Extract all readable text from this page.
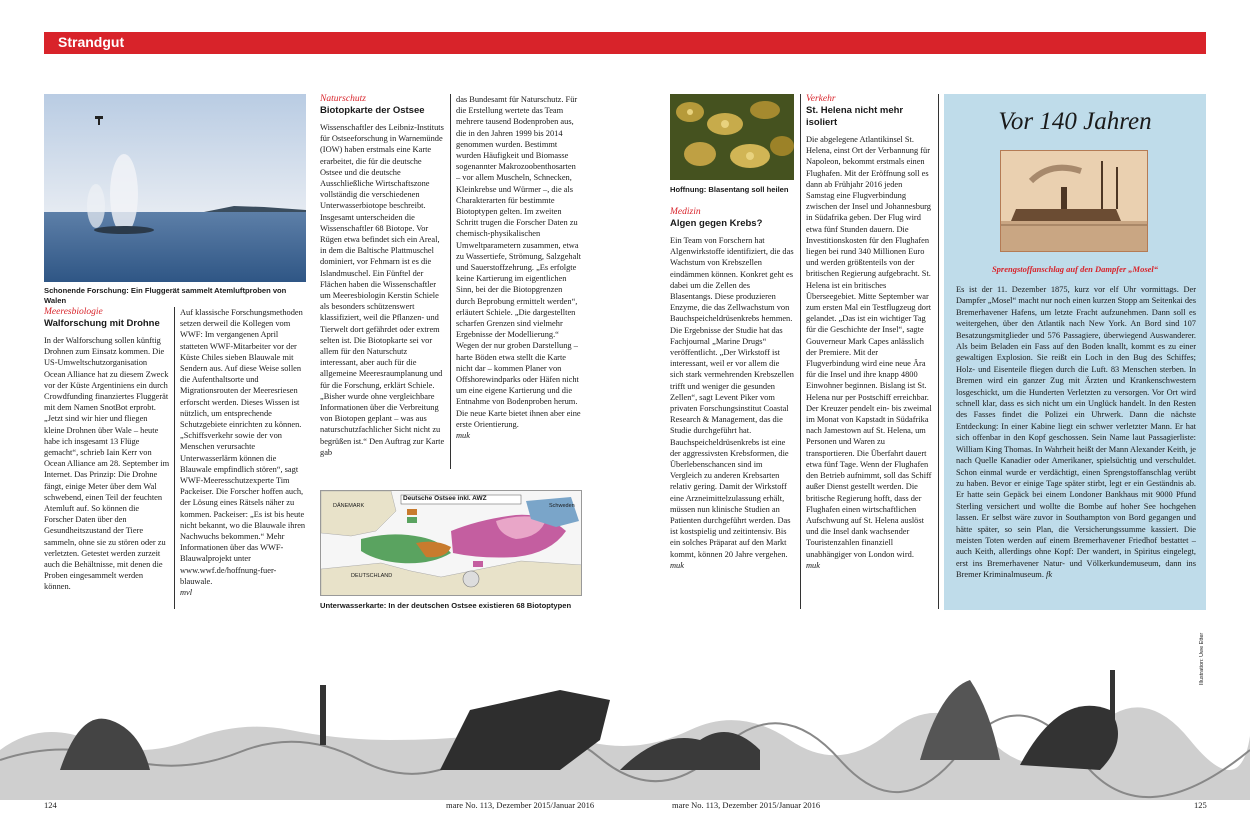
Strandgut
Schonende Forschung: Ein Fluggerät sammelt Atemluftproben von Walen
Meeresbiologie
Walforschung mit Drohne

In der Walforschung sollen künftig Drohnen zum Einsatz kommen. Die US-Umweltschutzorganisation Ocean Alliance hat zu diesem Zweck vor der Küste Argentiniens ein durch Crowdfunding finanziertes Fluggerät mit dem Namen SnotBot erprobt. „Jetzt sind wir hier und fliegen kleine Drohnen über Wale – heute habe ich insgesamt 13 Flüge gemacht“, schrieb Iain Kerr von Ocean Alliance am 28. September im Internet. Das Prinzip: Die Drohne fängt, einige Meter über dem Wal schwebend, einen Teil der feuchten Atemluft auf. So können die Forscher Daten über den Gesundheitszustand der Tiere sammeln, ohne sie zu stören oder zu verletzten. Getestet werden zurzeit auch die Behältnisse, mit denen die Proben eingesammelt werden können.

Auf klassische Forschungsmethoden setzen derweil die Kollegen vom WWF: Im vergangenen April statteten WWF-Mitarbeiter vor der Küste Chiles sieben Blauwale mit Sendern aus. Auf diese Weise sollen die Aufenthaltsorte und Migrationsrouten der Meeresriesen erforscht werden. Dieses Wissen ist nützlich, um entsprechende Schutzgebiete einrichten zu können. „Schiffsverkehr sowie der von Menschen verursachte Unterwasserlärm können die Blauwale empfindlich stören“, sagt WWF-Meeresschutzexperte Tim Packeiser. Die Forscher hoffen auch, der Lösung eines Rätsels näher zu kommen. Packeiser: „Es ist bis heute nicht bekannt, wo die Blauwale ihren Nachwuchs bekommen.“ Mehr Informationen über das WWF-Blauwalprojekt unter www.wwf.de/hoffnung-fuer-blauwale.

mvl

Naturschutz
Biotopkarte der Ostsee

Wissenschaftler des Leibniz-Instituts für Ostseeforschung in Warnemünde (IOW) haben erstmals eine Karte erarbeitet, die für die deutsche Ostsee und die deutsche Ausschließliche Wirtschaftszone vollständig die verschiedenen Unterwasserbiotope beschreibt. Insgesamt unterscheiden die Wissenschaftler 68 Biotope. Vor Rügen etwa befindet sich ein Areal, in dem die Baltische Plattmuschel dominiert, vor Fehmarn ist es die Islandmuschel. Ein Fünftel der Flächen haben die Wissenschaftler um Meeresbiologin Kerstin Schiele als besonders schützenswert klassifiziert, weil die Pflanzen- und Tierwelt dort gefährdet oder extrem selten ist. Die Biotopkarte sei vor allem für den Naturschutz interessant, aber auch für die allgemeine Meeresraumplanung und für die Forschung, erklärt Schiele. „Bisher wurde ohne vergleichbare Informationen über die Verbreitung von Biotopen geplant – was aus naturschutzfachlicher Sicht nicht zu begrüßen ist.“ Den Auftrag zur Karte gab

das Bundesamt für Naturschutz. Für die Erstellung wertete das Team mehrere tausend Bodenproben aus, die in den Jahren 1999 bis 2014 genommen wurden. Bestimmt wurden Häufigkeit und Biomasse sogenannter Makrozoobenthosarten – vor allem Muscheln, Schnecken, Kleinkrebse und Würmer –, die als Charakterarten für bestimmte Biotoptypen gelten. Im zweiten Schritt trugen die Forscher Daten zu chemisch-physikalischen Umweltparametern zusammen, etwa zu Wassertiefe, Strömung, Salzgehalt und Sauerstoffzehrung. „Es erfolgte keine Kartierung im eigentlichen Sinn, bei der die Biotopgrenzen durch Beprobung ermittelt werden“, erläutert Schiele. „Die dargestellten scharfen Grenzen sind vielmehr Ergebnisse der Modellierung.“ Wegen der nur groben Darstellung – harte Böden etwa stellt die Karte nicht dar – kommen Planer von Offshorewindparks oder Häfen nicht um eine eigene Kartierung und die Entnahme von Bodenproben herum. Die neue Karte bietet ihnen aber eine erste Orientierung.

muk

Deutsche Ostsee inkl. AWZ
DÄNEMARK
DEUTSCHLAND
Schweden
Unterwasserkarte: In der deutschen Ostsee existieren 68 Biotoptypen
Hoffnung: Blasentang soll heilen
Medizin
Algen gegen Krebs?

Ein Team von Forschern hat Algenwirkstoffe identifiziert, die das Wachstum von Krebszellen eindämmen können. Konkret geht es dabei um die Zellen des Blasentangs. Diese produzieren Enzyme, die das Zellwachstum von Bauchspeicheldrüsenkrebs hemmen. Die Ergebnisse der Studie hat das Fachjournal „Marine Drugs“ veröffentlicht. „Der Wirkstoff ist interessant, weil er vor allem die sich stark vermehrenden Krebszellen trifft und weniger die gesunden Zellen“, sagt Levent Piker vom privaten Forschungsinstitut Coastal Research & Management, das die Studie durchgeführt hat. Bauchspeicheldrüsenkrebs ist eine der aggressivsten Krebsformen, die Überlebenschancen sind im Vergleich zu anderen Krebsarten relativ gering. Damit der Wirkstoff eine Arzneimittelzulassung erhält, müssen nun klinische Studien an Patienten durchgeführt werden. Das ist kostspielig und zeitintensiv. Bis ein solches Präparat auf den Markt kommt, können 20 Jahre vergehen.

muk

Verkehr
St. Helena nicht mehr isoliert

Die abgelegene Atlantikinsel St. Helena, einst Ort der Verbannung für Napoleon, bekommt erstmals einen Flughafen. Mit der Eröffnung soll es dann ab Frühjahr 2016 jeden Samstag eine Flugverbindung zwischen der Insel und Johannesburg in Südafrika geben. Der Flug wird etwa fünf Stunden dauern. Die Investitionskosten für den Flughafen liegen bei rund 340 Millionen Euro und werden größtenteils von der britischen Regierung aufgebracht. St. Helena ist ein britisches Überseegebiet. Mitte September war zum ersten Mal ein Testflugzeug dort gelandet. „Das ist ein wichtiger Tag für die Geschichte der Insel“, sagte Gouverneur Mark Capes anlässlich der Premiere. Mit der Flugverbindung wird eine neue Ära für die Insel und ihre knapp 4800 Einwohner beginnen. Bislang ist St. Helena nur per Postschiff erreichbar. Der Kreuzer pendelt ein- bis zweimal im Monat von Kapstadt in Südafrika nach Jamestown auf St. Helena, um Personen und Waren zu transportieren. Die Überfahrt dauert etwa fünf Tage. Wenn der Flughafen den Betrieb aufnimmt, soll das Schiff außer Dienst gestellt werden. Die britische Regierung hofft, dass der Flughafen einen wirtschaftlichen Aufschwung auf St. Helena auslöst und die Insel dank wachsender Touristenzahlen finanziell unabhängiger von London wird.

muk

Vor 140 Jahren
Sprengstoffanschlag auf den Dampfer „Mosel“
Es ist der 11. Dezember 1875, kurz vor elf Uhr vormittags. Der Dampfer „Mosel“ macht nur noch einen kurzen Stopp am Seitenkai des Bremerhavener Hafens, um letzte Fracht aufzunehmen. Dann soll es weitergehen, über den Atlantik nach New York. An Bord sind 107 Besatzungsmitglieder und 576 Passagiere, überwiegend Auswanderer. Als beim Beladen ein Fass auf den Boden knallt, kommt es zu einer gewaltigen Explosion. Sie reißt ein Loch in den Bug des Schiffes; Holz- und Eisenteile fliegen durch die Luft. 83 Menschen sterben. In Bremen wird ein ganzer Zug mit Ärzten und Krankenschwestern losgeschickt, um die Hunderten Verletzten zu versorgen. Vor Ort wird schnell klar, dass es sich nicht um ein Unglück handelt. In den Resten des Fasses findet die Polizei ein Uhrwerk. Dann die nächste Entdeckung: In einer Kabine liegt ein schwer verletzter Mann. Er hat sich offenbar in den Kopf geschossen. Sein Name laut Passagierliste: William King Thomas. In Wahrheit heißt der Mann Alexander Keith, je nach Quelle Kanadier oder Amerikaner, spielsüchtig und verschuldet. Schon einmal wurde er verdächtigt, einen Sprengstoffanschlag verübt zu haben. Bevor er einige Tage später stirbt, legt er ein Geständnis ab. Er hatte sein Gepäck bei einem Londoner Bankhaus mit 9000 Pfund Sterling versichert und wollte die Bombe auf hoher See hochgehen lassen. Er selbst wäre zuvor in Southampton von Bord gegangen und hätte später, so sein Plan, die Versicherungssumme kassiert. Die meisten Toten werden auf einem Bremerhavener Friedhof bestattet – auch Keith, allerdings ohne Kopf: Der wandert, in Spiritus eingelegt, erst ins Bremerhavener Natur- und Völkerkundemuseum, dann ins Bremer Kriminalmuseum. fk
Illustration: Uwe Etter
124	mare No. 113, Dezember 2015/Januar 2016	mare No. 113, Dezember 2015/Januar 2016	125
